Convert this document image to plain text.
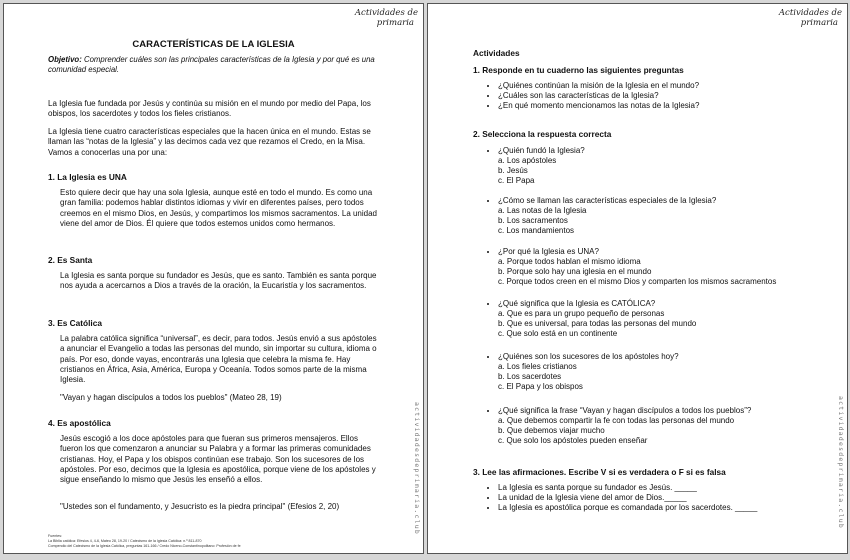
Actividades de
primaria
actividadesdeprimaria.club
CARACTERÍSTICAS DE LA IGLESIA
Objetivo: Comprender cuáles son las principales características de la Iglesia y por qué es una comunidad especial.
La Iglesia fue fundada por Jesús y continúa su misión en el mundo por medio del Papa, los obispos, los sacerdotes y todos los fieles cristianos.
La Iglesia tiene cuatro características especiales que la hacen única en el mundo. Estas se llaman las “notas de la Iglesia” y las decimos cada vez que rezamos el Credo, en la Misa. Vamos a conocerlas una por una:
1. La Iglesia es UNA
Esto quiere decir que hay una sola Iglesia, aunque esté en todo el mundo. Es como una gran familia: podemos hablar distintos idiomas y vivir en diferentes países, pero todos creemos en el mismo Dios, en Jesús, y compartimos los mismos sacramentos. La unidad viene del amor de Dios. Él quiere que todos estemos unidos como hermanos.
2. Es Santa
La Iglesia es santa porque su fundador es Jesús, que es santo. También es santa porque nos ayuda a acercarnos a Dios a través de la oración, la Eucaristía y los sacramentos.
3. Es Católica
La palabra católica significa “universal”, es decir, para todos. Jesús envió a sus apóstoles a anunciar el Evangelio a todas las personas del mundo, sin importar su cultura, idioma o país. Por eso, donde vayas, encontrarás una Iglesia que celebra la misma fe. Hay cristianos en África, Asia, América, Europa y Oceanía. Todos somos parte de la misma Iglesia.
"Vayan y hagan discípulos a todos los pueblos" (Mateo 28, 19)
4. Es apostólica
Jesús escogió a los doce apóstoles para que fueran sus primeros mensajeros. Ellos fueron los que comenzaron a anunciar su Palabra y a formar las primeras comunidades cristianas. Hoy, el Papa y los obispos continúan ese trabajo. Son los sucesores de los apóstoles. Por eso, decimos que la Iglesia es apostólica, porque viene de los apóstoles y sigue enseñando lo mismo que Jesús les enseñó a ellos.
"Ustedes son el fundamento, y Jesucristo es la piedra principal" (Efesios 2, 20)
Fuentes:
La Biblia católica: Efesios 4, 4-6, Mateo 28, 19-20 / Catecismo de la Iglesia Católica: n.º 811-870
Compendio del Catecismo de la Iglesia Católica, preguntas 161-166 / Credo Niceno-Constantinopolitano: Profesión de fe
Actividades de
primaria
actividadesdeprimaria.club
Actividades
1. Responde en tu cuaderno las siguientes preguntas
• ¿Quiénes continúan la misión de la Iglesia en el mundo?
• ¿Cuáles son las características de la Iglesia?
• ¿En qué momento mencionamos las notas de la Iglesia?
2. Selecciona la respuesta correcta
• ¿Quién fundó la Iglesia?
a. Los apóstoles
b. Jesús
c. El Papa
• ¿Cómo se llaman las características especiales de la Iglesia?
a. Las notas de la Iglesia
b. Los sacramentos
c. Los mandamientos
• ¿Por qué la Iglesia es UNA?
a. Porque todos hablan el mismo idioma
b. Porque solo hay una iglesia en el mundo
c. Porque todos creen en el mismo Dios y comparten los mismos sacramentos
• ¿Qué significa que la Iglesia es CATÓLICA?
a. Que es para un grupo pequeño de personas
b. Que es universal, para todas las personas del mundo
c. Que solo está en un continente
• ¿Quiénes son los sucesores de los apóstoles hoy?
a. Los fieles cristianos
b. Los sacerdotes
c. El Papa y los obispos
• ¿Qué significa la frase “Vayan y hagan discípulos a todos los pueblos”?
a. Que debemos compartir la fe con todas las personas del mundo
b. Que debemos viajar mucho
c. Que solo los apóstoles pueden enseñar
3. Lee las afirmaciones. Escribe V si es verdadera o F si es falsa
• La Iglesia es santa porque su fundador es Jesús. _____
• La unidad de la Iglesia viene del amor de Dios._____
• La Iglesia es apostólica porque es comandada por los sacerdotes. _____
